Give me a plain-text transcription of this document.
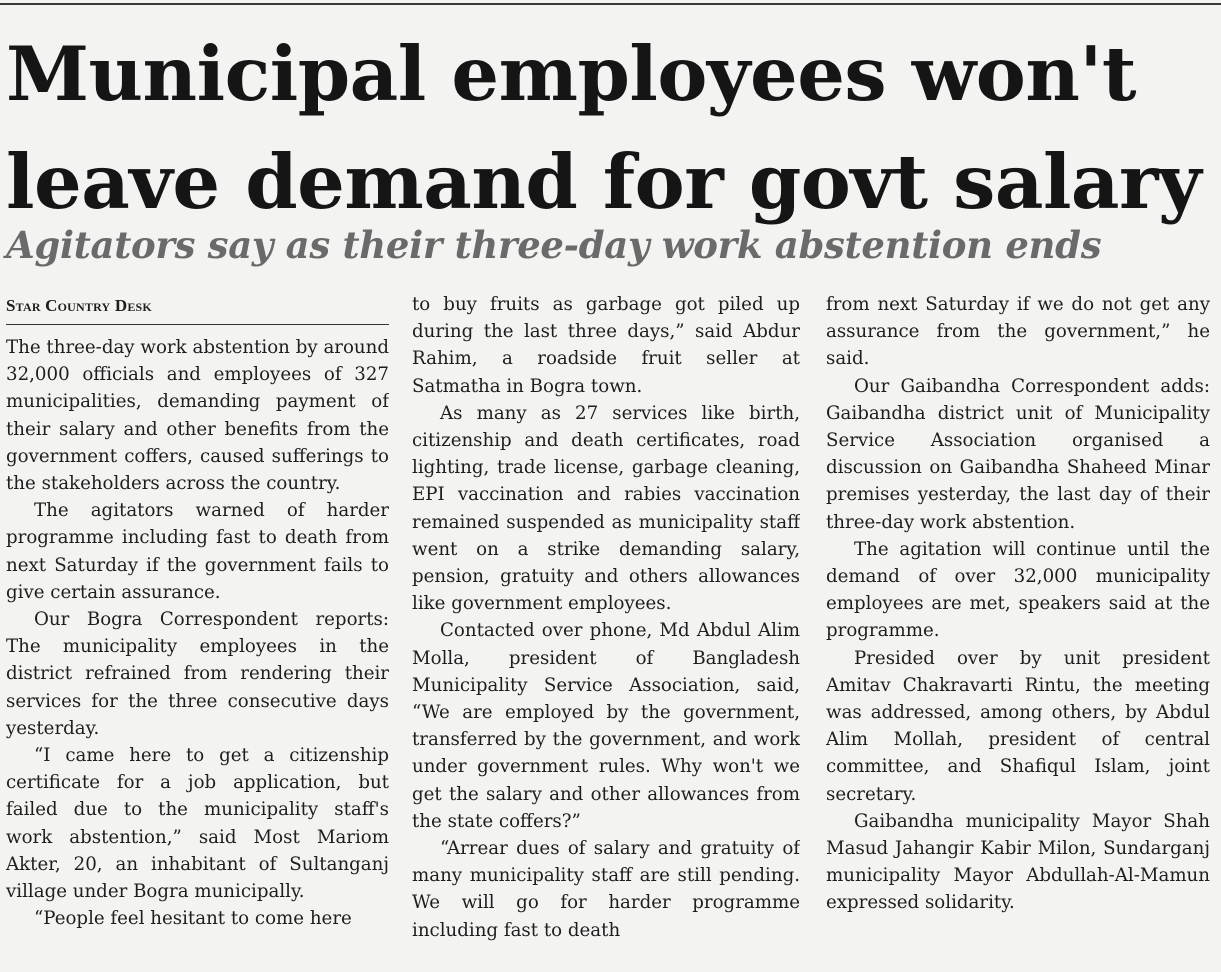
Municipal employees won't
leave demand for govt salary
Agitators say as their three-day work abstention ends
Star Country Desk

The three-day work abstention by around 32,000 officials and employees of 327 municipalities, demanding payment of their salary and other benefits from the government coffers, caused sufferings to the stakeholders across the country.

The agitators warned of harder programme including fast to death from next Saturday if the government fails to give certain assurance.

Our Bogra Correspondent reports: The municipality employees in the district refrained from rendering their services for the three consecutive days yesterday.

“I came here to get a citizenship certificate for a job application, but failed due to the municipality staff's work abstention,” said Most Mariom Akter, 20, an inhabitant of Sultanganj village under Bogra municipally.

“People feel hesitant to come here

to buy fruits as garbage got piled up during the last three days,” said Abdur Rahim, a roadside fruit seller at Satmatha in Bogra town.

As many as 27 services like birth, citizenship and death certificates, road lighting, trade license, garbage cleaning, EPI vaccination and rabies vaccination remained suspended as municipality staff went on a strike demanding salary, pension, gratuity and others allowances like government employees.

Contacted over phone, Md Abdul Alim Molla, president of Bangladesh Municipality Service Association, said, “We are employed by the government, transferred by the government, and work under government rules. Why won't we get the salary and other allowances from the state coffers?”

“Arrear dues of salary and gratuity of many municipality staff are still pending. We will go for harder programme including fast to death

from next Saturday if we do not get any assurance from the government,” he said.

Our Gaibandha Correspondent adds: Gaibandha district unit of Municipality Service Association organised a discussion on Gaibandha Shaheed Minar premises yesterday, the last day of their three-day work abstention.

The agitation will continue until the demand of over 32,000 municipality employees are met, speakers said at the programme.

Presided over by unit president Amitav Chakravarti Rintu, the meeting was addressed, among others, by Abdul Alim Mollah, president of central committee, and Shafiqul Islam, joint secretary.

Gaibandha municipality Mayor Shah Masud Jahangir Kabir Milon, Sundarganj municipality Mayor Abdullah-Al-Mamun expressed solidarity.
